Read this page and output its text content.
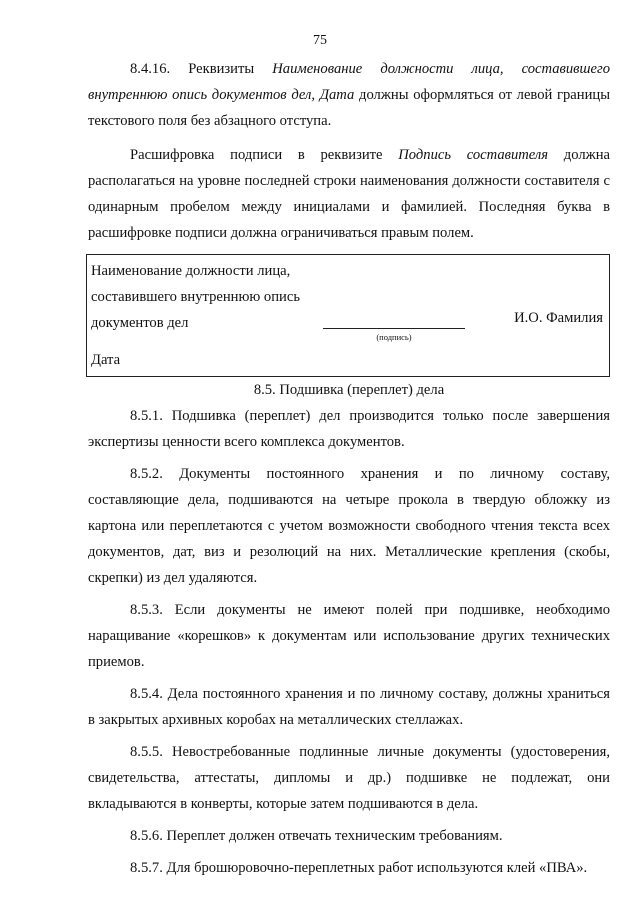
75

8.4.16. Реквизиты Наименование должности лица, составившего внутреннюю опись документов дел, Дата должны оформляться от левой границы текстового поля без абзацного отступа.

Расшифровка подписи в реквизите Подпись составителя должна располагаться на уровне последней строки наименования должности составителя с одинарным пробелом между инициалами и фамилией. Последняя буква в расшифровке подписи должна ограничиваться правым полем.

Наименование должности лица,
составившего внутреннюю опись
документов дел
(подпись)
И.О. Фамилия
Дата

8.5. Подшивка (переплет) дела

8.5.1. Подшивка (переплет) дел производится только после завершения экспертизы ценности всего комплекса документов.

8.5.2. Документы постоянного хранения и по личному составу, составляющие дела, подшиваются на четыре прокола в твердую обложку из картона или переплетаются с учетом возможности свободного чтения текста всех документов, дат, виз и резолюций на них. Металлические крепления (скобы, скрепки) из дел удаляются.

8.5.3. Если документы не имеют полей при подшивке, необходимо наращивание «корешков» к документам или использование других технических приемов.

8.5.4. Дела постоянного хранения и по личному составу, должны храниться в закрытых архивных коробах на металлических стеллажах.

8.5.5. Невостребованные подлинные личные документы (удостоверения, свидетельства, аттестаты, дипломы и др.) подшивке не подлежат, они вкладываются в конверты, которые затем подшиваются в дела.

8.5.6. Переплет должен отвечать техническим требованиям.

8.5.7. Для брошюровочно-переплетных работ используются клей «ПВА».
